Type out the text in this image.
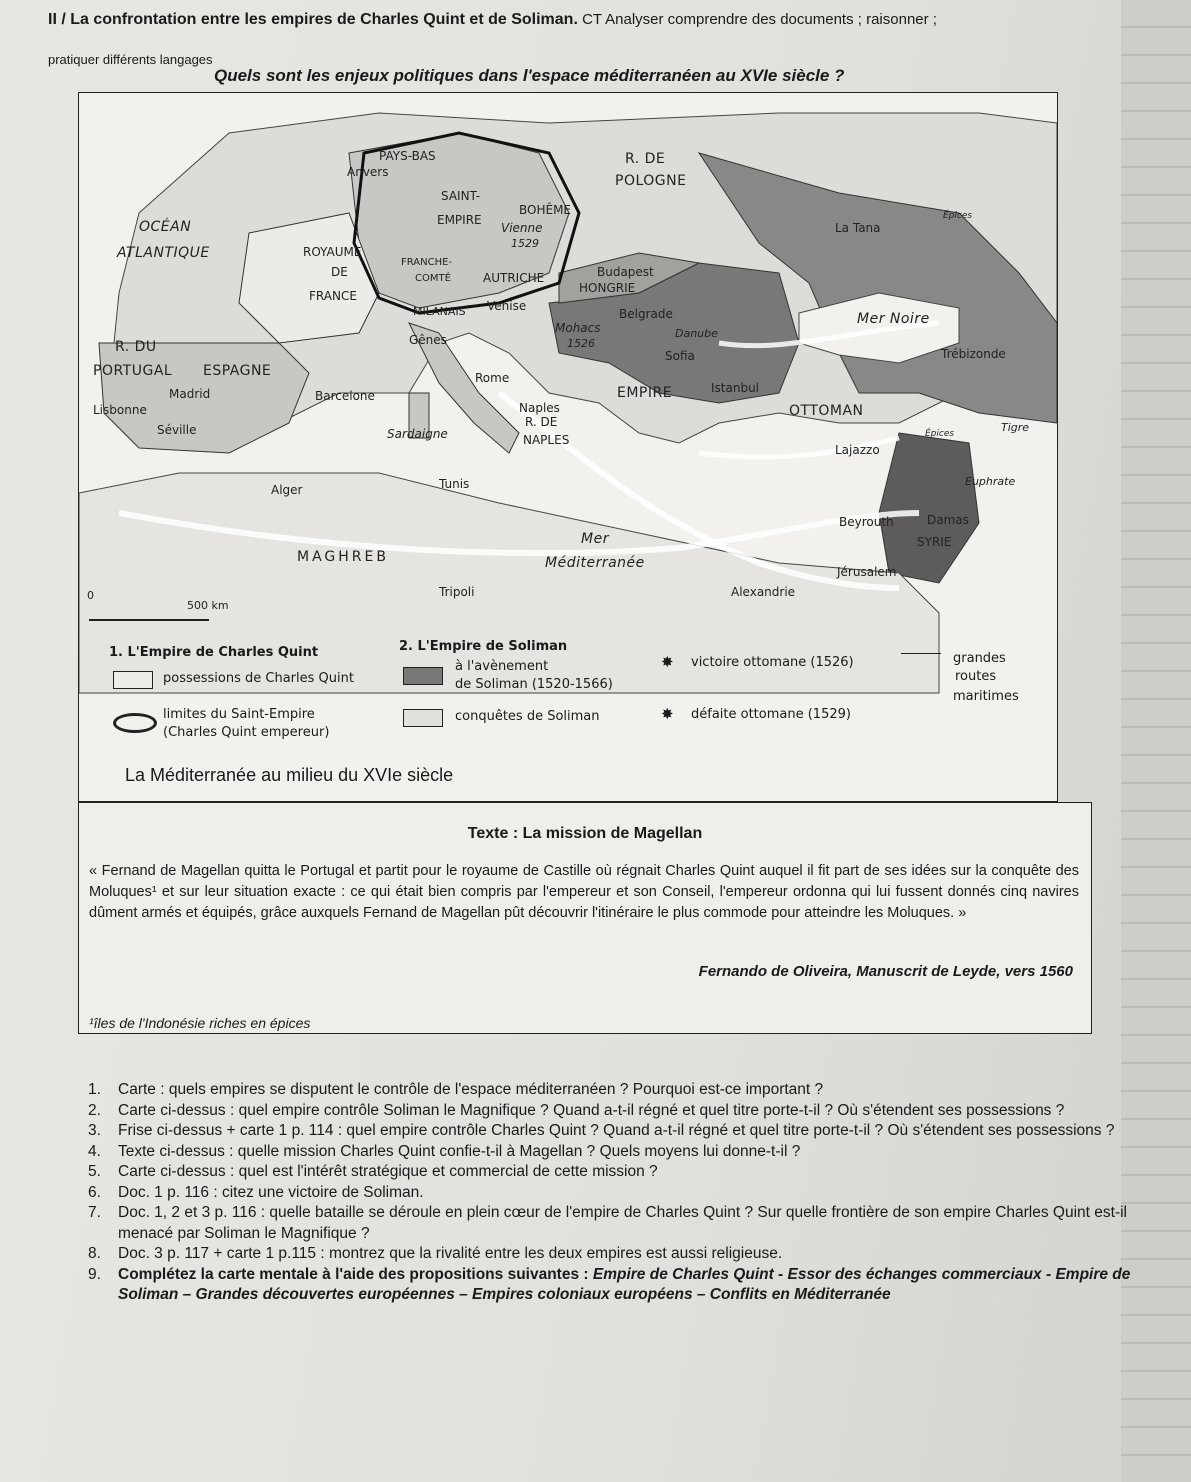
II / La confrontation entre les empires de Charles Quint et de Soliman. CT Analyser comprendre des documents ; raisonner ;
pratiquer différents langages
Quels sont les enjeux politiques dans l'espace méditerranéen au XVIe siècle ?
PAYS-BAS
Anvers
R. DE
POLOGNE
SAINT-
EMPIRE
BOHÊME
Vienne
1529
OCÉAN
ATLANTIQUE	ROYAUME
DE
FRANCE
FRANCHE-
COMTÉ	AUTRICHE	Budapest
HONGRIE
La Tana
Épices
MILANAIS Venise
Belgrade
Mohacs
1526
Danube
Mer Noire
R. DU
PORTUGAL ESPAGNE
Gênes
Sofia	Trébizonde
Madrid	Barcelone
Rome
Lisbonne
EMPIRE	Istanbul
OTTOMAN
Naples
R. DE
NAPLES
Séville	Sardaigne
Lajazzo
Épices	Tigre
Euphrate
Alger	Tunis
Beyrouth	Damas
SYRIE
Mer
MAGHREB	Méditerranée
Jérusalem
Tripoli	Alexandrie
0
500 km
1. L'Empire de Charles Quint
possessions de Charles Quint
limites du Saint-Empire
(Charles Quint empereur)
2. L'Empire de Soliman
à l'avènement
de Soliman (1520-1566)
conquêtes de Soliman
✸ victoire ottomane (1526)
✸ défaite ottomane (1529)
grandes
routes
maritimes
La Méditerranée au milieu du XVIe siècle
Texte : La mission de Magellan
« Fernand de Magellan quitta le Portugal et partit pour le royaume de Castille où régnait Charles Quint auquel il fit part de ses idées sur la conquête des Moluques¹ et sur leur situation exacte : ce qui était bien compris par l'empereur et son Conseil, l'empereur ordonna qui lui fussent donnés cinq navires dûment armés et équipés, grâce auxquels Fernand de Magellan pût découvrir l'itinéraire le plus commode pour atteindre les Moluques. »
Fernando de Oliveira, Manuscrit de Leyde, vers 1560
¹îles de l'Indonésie riches en épices
1. Carte : quels empires se disputent le contrôle de l'espace méditerranéen ? Pourquoi est-ce important ?
2. Carte ci-dessus : quel empire contrôle Soliman le Magnifique ? Quand a-t-il régné et quel titre porte-t-il ? Où s'étendent ses possessions ?
3. Frise ci-dessus + carte 1 p. 114 : quel empire contrôle Charles Quint ? Quand a-t-il régné et quel titre porte-t-il ? Où s'étendent ses possessions ?
4. Texte ci-dessus : quelle mission Charles Quint confie-t-il à Magellan ? Quels moyens lui donne-t-il ?
5. Carte ci-dessus : quel est l'intérêt stratégique et commercial de cette mission ?
6. Doc. 1 p. 116 : citez une victoire de Soliman.
7. Doc. 1, 2 et 3 p. 116 : quelle bataille se déroule en plein cœur de l'empire de Charles Quint ? Sur quelle frontière de son empire Charles Quint est-il menacé par Soliman le Magnifique ?
8. Doc. 3 p. 117 + carte 1 p.115 : montrez que la rivalité entre les deux empires est aussi religieuse.
9. Complétez la carte mentale à l'aide des propositions suivantes : Empire de Charles Quint - Essor des échanges commerciaux - Empire de Soliman – Grandes découvertes européennes – Empires coloniaux européens – Conflits en Méditerranée
